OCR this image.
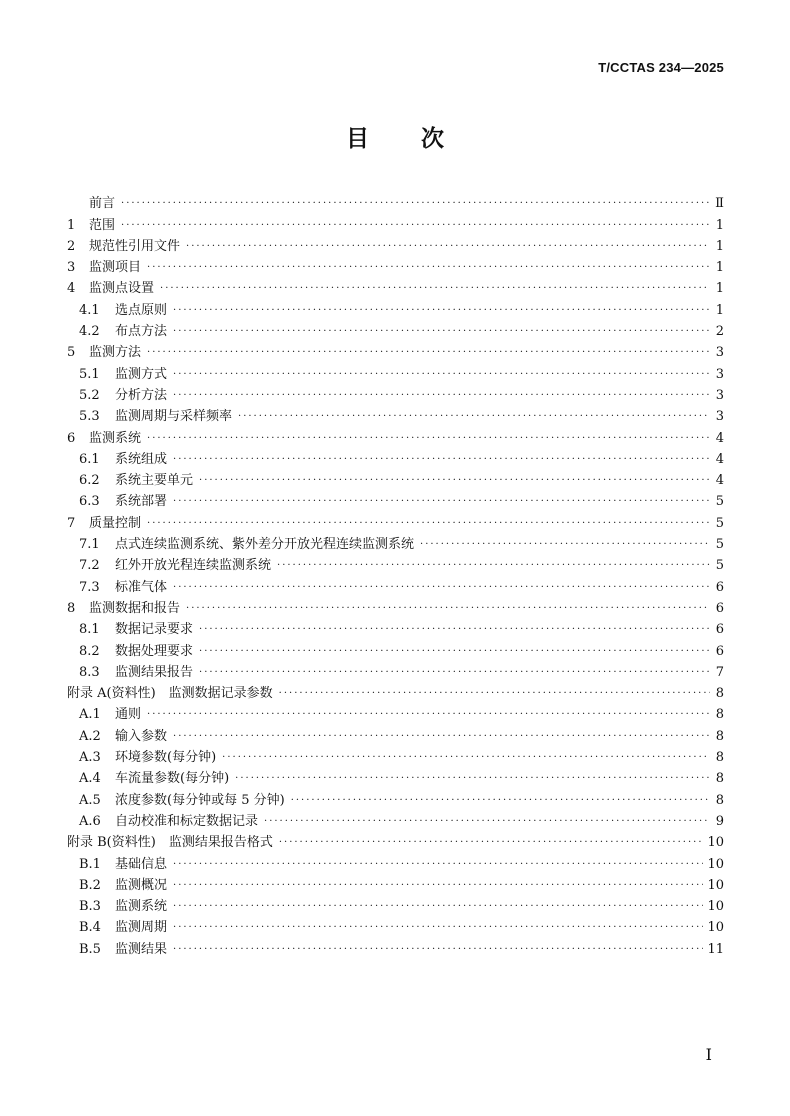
T/CCTAS 234—2025
目 次
前言 ·····	Ⅱ
1 范围 ·····	1
2 规范性引用文件 ·····	1
3 监测项目 ·····	1
4 监测点设置 ·····	1
4.1 选点原则 ·····	1
4.2 布点方法 ·····	2
5 监测方法 ·····	3
5.1 监测方式 ·····	3
5.2 分析方法 ·····	3
5.3 监测周期与采样频率 ·····	3
6 监测系统 ·····	4
6.1 系统组成 ·····	4
6.2 系统主要单元 ·····	4
6.3 系统部署 ·····	5
7 质量控制 ·····	5
7.1 点式连续监测系统、紫外差分开放光程连续监测系统 ·····	5
7.2 红外开放光程连续监测系统 ·····	5
7.3 标准气体 ·····	6
8 监测数据和报告 ·····	6
8.1 数据记录要求 ·····	6
8.2 数据处理要求 ·····	6
8.3 监测结果报告 ·····	7
附录 A(资料性)　监测数据记录参数 ·····	8
A.1 通则 ·····	8
A.2 输入参数 ·····	8
A.3 环境参数(每分钟) ·····	8
A.4 车流量参数(每分钟) ·····	8
A.5 浓度参数(每分钟或每 5 分钟) ·····	8
A.6 自动校准和标定数据记录 ·····	9
附录 B(资料性)　监测结果报告格式 ·····	10
B.1 基础信息 ·····	10
B.2 监测概况 ·····	10
B.3 监测系统 ·····	10
B.4 监测周期 ·····	10
B.5 监测结果 ·····	11
I
